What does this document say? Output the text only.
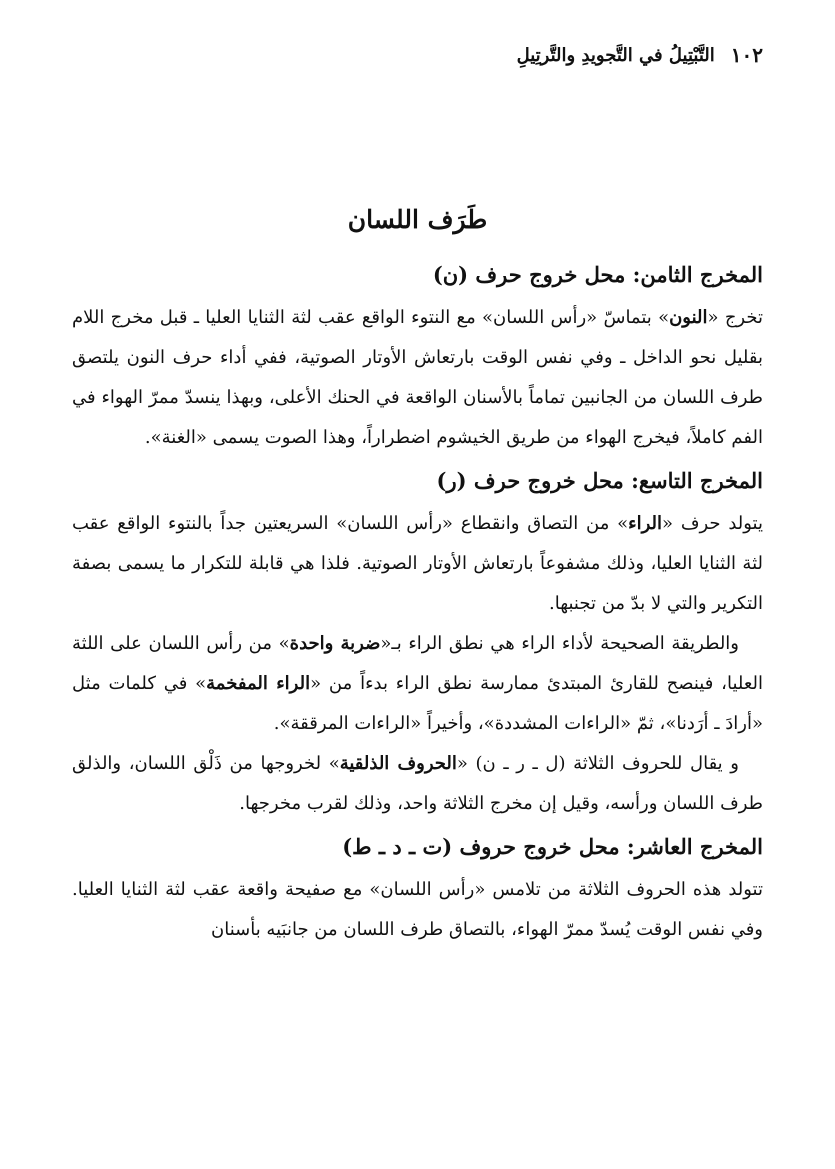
١٠٢
التَّبْتِيلُ في التَّجويدِ والتَّرتِيلِ
طَرَف اللسان
المخرج الثامن: محل خروج حرف (ن)

تخرج «النون» بتماسّ «رأس اللسان» مع النتوء الواقع عقب لثة الثنايا العليا ـ قبل مخرج اللام بقليل نحو الداخل ـ وفي نفس الوقت بارتعاش الأوتار الصوتية، ففي أداء حرف النون يلتصق طرف اللسان من الجانبين تماماً بالأسنان الواقعة في الحنك الأعلى، وبهذا ينسدّ ممرّ الهواء في الفم كاملاً، فيخرج الهواء من طريق الخيشوم اضطراراً، وهذا الصوت يسمى «الغنة».

المخرج التاسع: محل خروج حرف (ر)

يتولد حرف «الراء» من التصاق وانقطاع «رأس اللسان» السريعتين جداً بالنتوء الواقع عقب لثة الثنايا العليا، وذلك مشفوعاً بارتعاش الأوتار الصوتية. فلذا هي قابلة للتكرار ما يسمى بصفة التكرير والتي لا بدّ من تجنبها.

والطريقة الصحيحة لأداء الراء هي نطق الراء بـ«ضربة واحدة» من رأس اللسان على اللثة العليا، فينصح للقارئ المبتدئ ممارسة نطق الراء بدءاً من «الراء المفخمة» في كلمات مثل «أرادَ ـ أرَدنا»، ثمّ «الراءات المشددة»، وأخيراً «الراءات المرققة».

و يقال للحروف الثلاثة (ل ـ ر ـ ن) «الحروف الذلقية» لخروجها من ذَلْق اللسان، والذلق طرف اللسان ورأسه، وقيل إن مخرج الثلاثة واحد، وذلك لقرب مخرجها.

المخرج العاشر: محل خروج حروف (ت ـ د ـ ط)

تتولد هذه الحروف الثلاثة من تلامس «رأس اللسان» مع صفيحة واقعة عقب لثة الثنايا العليا. وفي نفس الوقت يُسدّ ممرّ الهواء، بالتصاق طرف اللسان من جانبَيه بأسنان
